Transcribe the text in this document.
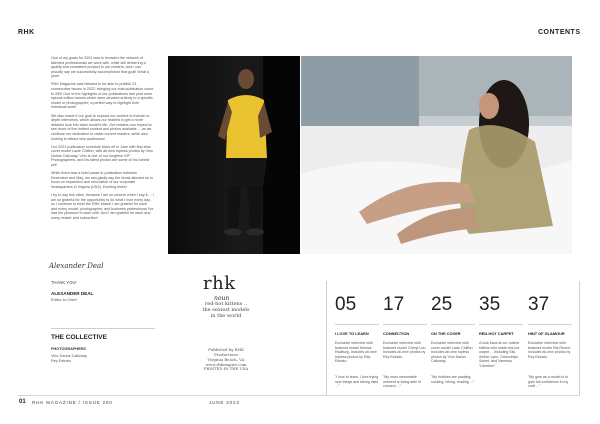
RHK	CONTENTS

One of my goals for 2022 was to broaden the network of talented professionals we work with, while still delivering a quality and consistent product to our readers. And I can proudly say we successfully accomplished that goal! What a year!

RHK Magazine was blessed to be able to publish 23 consecutive issues in 2022, bringing our total publication count to 250! One of the highlights of our publications last year were special edition issues which were devoted entirely to a specific model or photographer; a perfect way to highlight their individual work!

We also made it our goal to expand our content to include in-depth interviews, which allows our readers to get a more detailed look into each model's life. Our readers can expect to see more of the hottest content and photos available ... as we continue our dedication to retain current readers, while also looking to attract new audiences!

Our 2023 publication schedule kicks off in June with first-time cover model Lacie Chiffon, with all-new topless photos by Vino Darius Calloway. Vino is one of our longtime VIP Photographers, and his latest photos are some of his hottest yet!

While there was a brief pause in publication between December and May, we can gladly say the break allowed us to focus on expansion and renovation of our corporate headquarters in Virginia (USA). Exciting times!

I try to say this often, because I am so sincere when I say it ... I am so grateful for the opportunity to do what I love every day, so I continue to build the RHK brand! I am grateful for each and every model, photographer, and business professional I've had the pleasure to work with. And I am grateful for each and every reader and subscriber!

Alexander Deal
THANK YOU!
ALEXANDER DEAL
Editor-in-Chief
THE COLLECTIVE
PHOTOGRAPHERS
Vino Darius Calloway
Rey Estrato
rhk
noun
red-hot kittens ..
the sexiest models
in the world
Published by RHK Productions
Virginia Beach, VA
www.rhkempire.com
PRINTED IN THE USA
05
I LOVE TO LEARN
Exclusive interview with featured model Monica Radburg. Includes all-new topless photos by Rey Estrato.
"I love to learn. I love trying new things and taking risks ..."
17
CONNECTION
Exclusive interview with featured model Cheryl Lou. Includes all-new photos by Rey Estrato.
"My most memorable moment is being able to connect ..."
25
ON THE COVER
Exclusive interview with cover model Lacie Chiffon. Includes all-new topless photos by Vino Darius Calloway.
"My hobbies are painting, cooking, hiking, reading ..."
35
RED-HOT CARPET
A look back at our hottest kittens who made red-hot carpet ... Including Sisi, Amber Lynn, Gwendolyn Sweet, and Vanessa "Libertine".
37
HINT OF GLAMOUR
Exclusive interview with featured model Ria Renee. Includes all-new photos by Rey Estrato.
"My goal as a model is to gain full confidence in my craft ..."
01 RHK MAGAZINE / ISSUE 260	JUNE 2023
